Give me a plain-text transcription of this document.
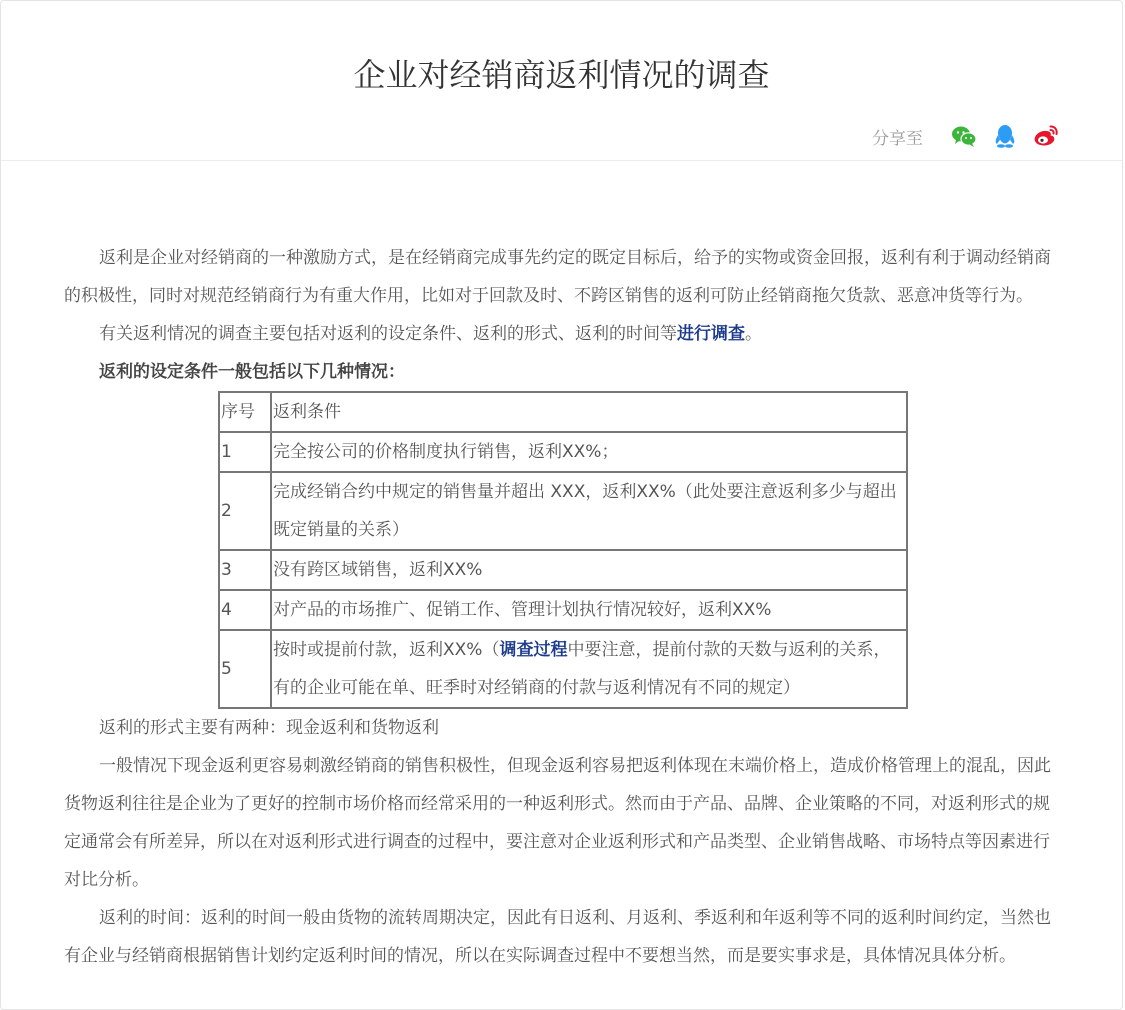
企业对经销商返利情况的调查
分享至

返利是企业对经销商的一种激励方式，是在经销商完成事先约定的既定目标后，给予的实物或资金回报，返利有利于调动经销商的积极性，同时对规范经销商行为有重大作用，比如对于回款及时、不跨区销售的返利可防止经销商拖欠货款、恶意冲货等行为。

有关返利情况的调查主要包括对返利的设定条件、返利的形式、返利的时间等进行调查。

返利的设定条件一般包括以下几种情况：

序号	返利条件
1	完全按公司的价格制度执行销售，返利XX%；
2	完成经销合约中规定的销售量并超出 XXX，返利XX%（此处要注意返利多少与超出既定销量的关系）
3	没有跨区域销售，返利XX%
4	对产品的市场推广、促销工作、管理计划执行情况较好，返利XX%
5	按时或提前付款，返利XX%（调查过程中要注意，提前付款的天数与返利的关系，有的企业可能在单、旺季时对经销商的付款与返利情况有不同的规定）

返利的形式主要有两种：现金返利和货物返利

一般情况下现金返利更容易刺激经销商的销售积极性，但现金返利容易把返利体现在末端价格上，造成价格管理上的混乱，因此货物返利往往是企业为了更好的控制市场价格而经常采用的一种返利形式。然而由于产品、品牌、企业策略的不同，对返利形式的规定通常会有所差异，所以在对返利形式进行调查的过程中，要注意对企业返利形式和产品类型、企业销售战略、市场特点等因素进行对比分析。

返利的时间：返利的时间一般由货物的流转周期决定，因此有日返利、月返利、季返利和年返利等不同的返利时间约定，当然也有企业与经销商根据销售计划约定返利时间的情况，所以在实际调查过程中不要想当然，而是要实事求是，具体情况具体分析。
